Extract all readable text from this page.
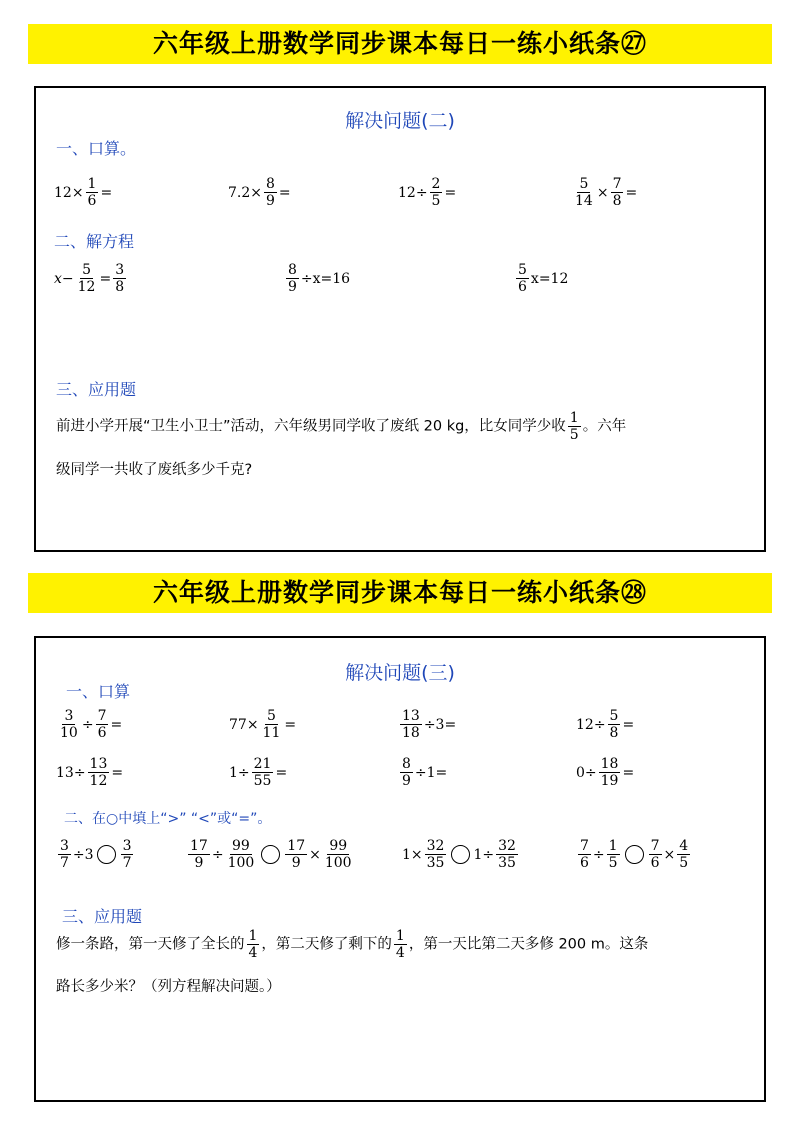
六年级上册数学同步课本每日一练小纸条㉗
解决问题(二)
一、口算。
$12\times \frac{1}{6}$ =	$7.2\times \frac{8}{9}$ =	$12\div \frac{2}{5}$ =	$\frac{5}{14} \times \frac{7}{8}$ =
二、解方程
$x- \frac{5}{12} = \frac{3}{8}$	$\frac{8}{9} \div x=16$	$\frac{5}{6} x=12$
三、应用题
前进小学开展“卫生小卫士”活动，六年级男同学收了废纸 20 kg，比女同学少收 $\frac{1}{5}$ 。六年
级同学一共收了废纸多少千克?
六年级上册数学同步课本每日一练小纸条㉘
解决问题(三)
一、口算
$\frac{3}{10} \div \frac{7}{6}$ =	$77\times \frac{5}{11}$ =	$\frac{13}{18} \div 3=$	$12\div \frac{5}{8}$ =
$13\div \frac{13}{12}$ =	$1\div \frac{21}{55}$ =	$\frac{8}{9} \div 1=$	$0\div \frac{18}{19}$ =
二、在○中填上“>” “<”或“=”。
$\frac{3}{7} \div 3 \frac{3}{7}$	$\frac{17}{9} \div \frac{99}{100} \frac{17}{9} \times \frac{99}{100}$	$1\times \frac{32}{35} 1\div \frac{32}{35}$	$\frac{7}{6} \div \frac{1}{5} \frac{7}{6} \times \frac{4}{5}$
三、应用题
修一条路，第一天修了全长的 $\frac{1}{4}$ ，第二天修了剩下的 $\frac{1}{4}$ ，第一天比第二天多修 200 m。这条
路长多少米？（列方程解决问题。）
